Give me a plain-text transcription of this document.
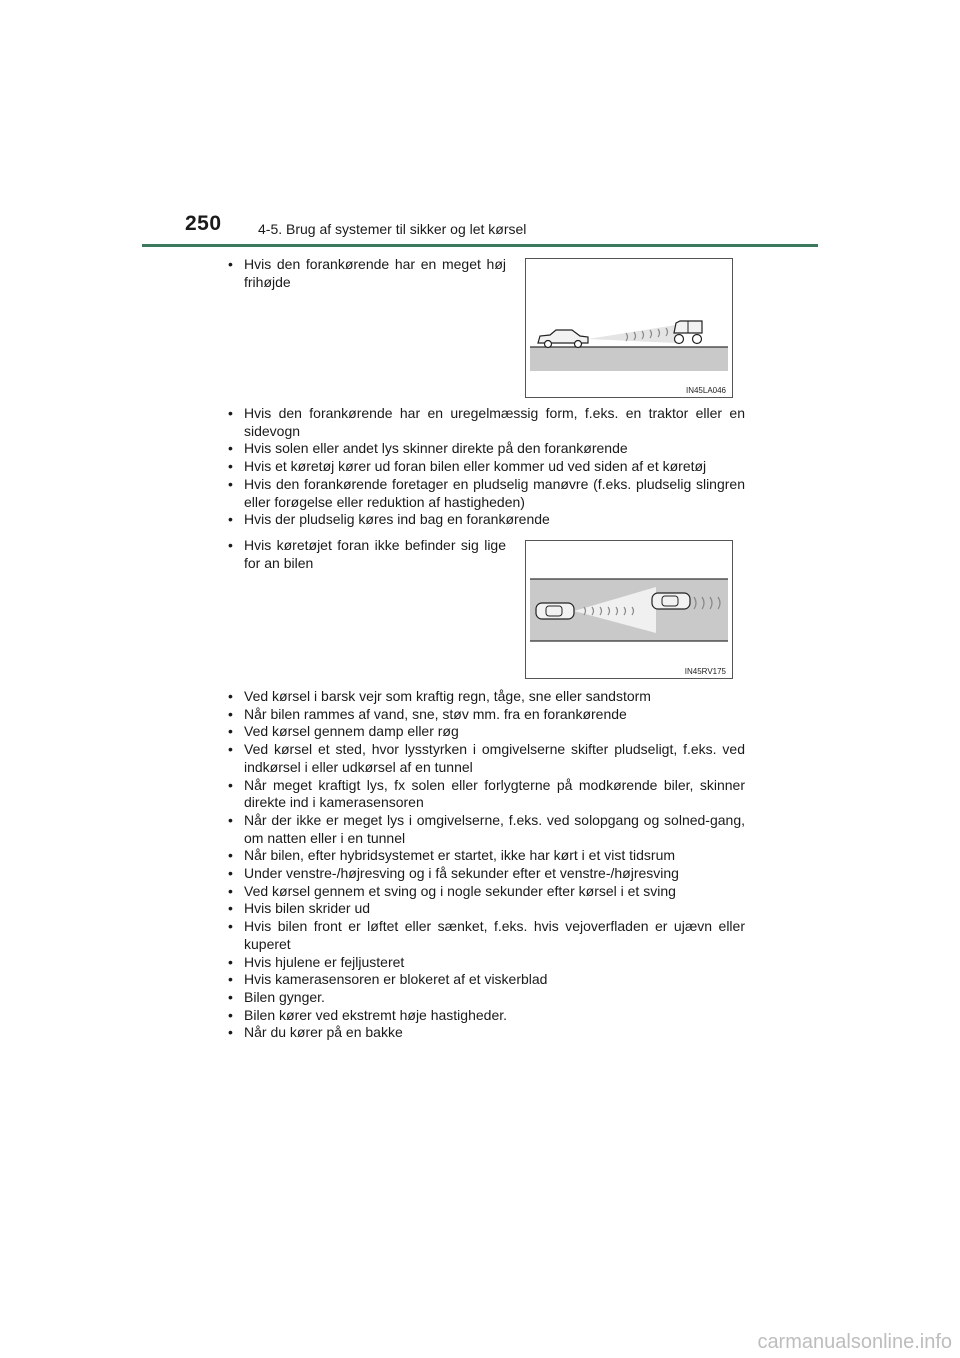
250	4-5. Brug af systemer til sikker og let kørsel
• Hvis den forankørende har en meget høj frihøjde
IN45LA046
• Hvis den forankørende har en uregelmæssig form, f.eks. en traktor eller en sidevogn
• Hvis solen eller andet lys skinner direkte på den forankørende
• Hvis et køretøj kører ud foran bilen eller kommer ud ved siden af et køretøj
• Hvis den forankørende foretager en pludselig manøvre (f.eks. pludselig slingren eller forøgelse eller reduktion af hastigheden)
• Hvis der pludselig køres ind bag en forankørende
• Hvis køretøjet foran ikke befinder sig lige for an bilen
IN45RV175
• Ved kørsel i barsk vejr som kraftig regn, tåge, sne eller sandstorm
• Når bilen rammes af vand, sne, støv mm. fra en forankørende
• Ved kørsel gennem damp eller røg
• Ved kørsel et sted, hvor lysstyrken i omgivelserne skifter pludseligt, f.eks. ved indkørsel i eller udkørsel af en tunnel
• Når meget kraftigt lys, fx solen eller forlygterne på modkørende biler, skinner direkte ind i kamerasensoren
• Når der ikke er meget lys i omgivelserne, f.eks. ved solopgang og solned-gang, om natten eller i en tunnel
• Når bilen, efter hybridsystemet er startet, ikke har kørt i et vist tidsrum
• Under venstre-/højresving og i få sekunder efter et venstre-/højresving
• Ved kørsel gennem et sving og i nogle sekunder efter kørsel i et sving
• Hvis bilen skrider ud
• Hvis bilen front er løftet eller sænket, f.eks. hvis vejoverfladen er ujævn eller kuperet
• Hvis hjulene er fejljusteret
• Hvis kamerasensoren er blokeret af et viskerblad
• Bilen gynger.
• Bilen kører ved ekstremt høje hastigheder.
• Når du kører på en bakke
carmanualsonline.info
